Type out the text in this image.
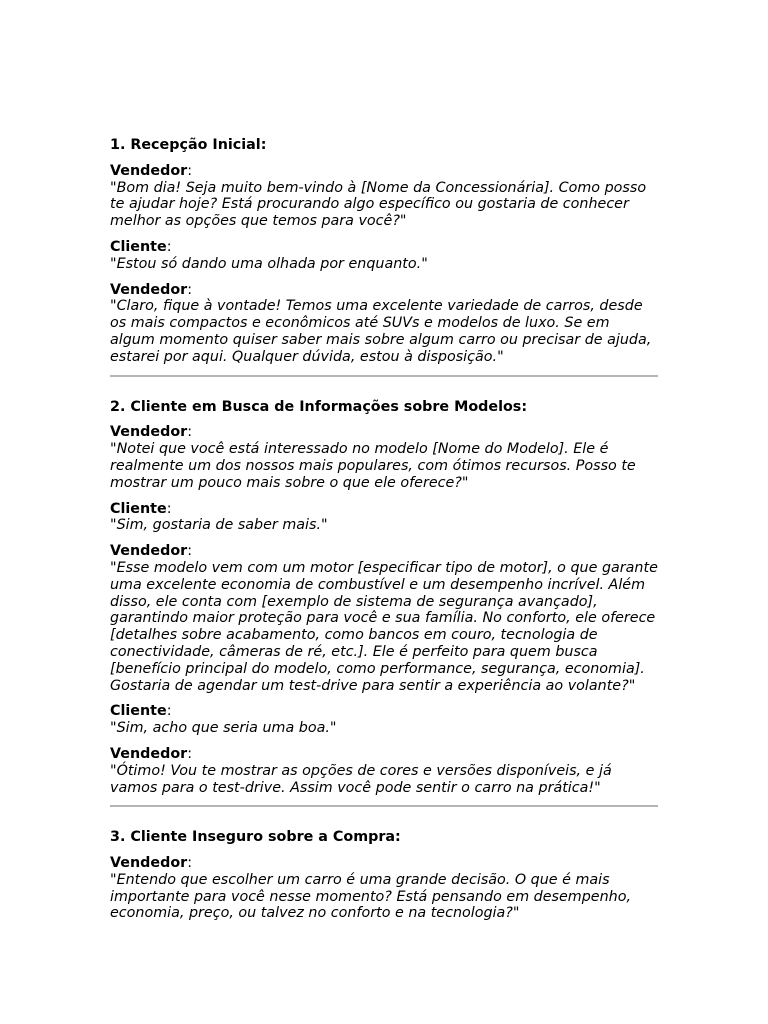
1. Recepção Inicial:
Vendedor:
"Bom dia! Seja muito bem-vindo à [Nome da Concessionária]. Como posso te ajudar hoje? Está procurando algo específico ou gostaria de conhecer melhor as opções que temos para você?"
Cliente:
"Estou só dando uma olhada por enquanto."
Vendedor:
"Claro, fique à vontade! Temos uma excelente variedade de carros, desde os mais compactos e econômicos até SUVs e modelos de luxo. Se em algum momento quiser saber mais sobre algum carro ou precisar de ajuda, estarei por aqui. Qualquer dúvida, estou à disposição."
2. Cliente em Busca de Informações sobre Modelos:
Vendedor:
"Notei que você está interessado no modelo [Nome do Modelo]. Ele é realmente um dos nossos mais populares, com ótimos recursos. Posso te mostrar um pouco mais sobre o que ele oferece?"
Cliente:
"Sim, gostaria de saber mais."
Vendedor:
"Esse modelo vem com um motor [especificar tipo de motor], o que garante uma excelente economia de combustível e um desempenho incrível. Além disso, ele conta com [exemplo de sistema de segurança avançado], garantindo maior proteção para você e sua família. No conforto, ele oferece [detalhes sobre acabamento, como bancos em couro, tecnologia de conectividade, câmeras de ré, etc.]. Ele é perfeito para quem busca [benefício principal do modelo, como performance, segurança, economia]. Gostaria de agendar um test-drive para sentir a experiência ao volante?"
Cliente:
"Sim, acho que seria uma boa."
Vendedor:
"Ótimo! Vou te mostrar as opções de cores e versões disponíveis, e já vamos para o test-drive. Assim você pode sentir o carro na prática!"
3. Cliente Inseguro sobre a Compra:
Vendedor:
"Entendo que escolher um carro é uma grande decisão. O que é mais importante para você nesse momento? Está pensando em desempenho, economia, preço, ou talvez no conforto e na tecnologia?"
